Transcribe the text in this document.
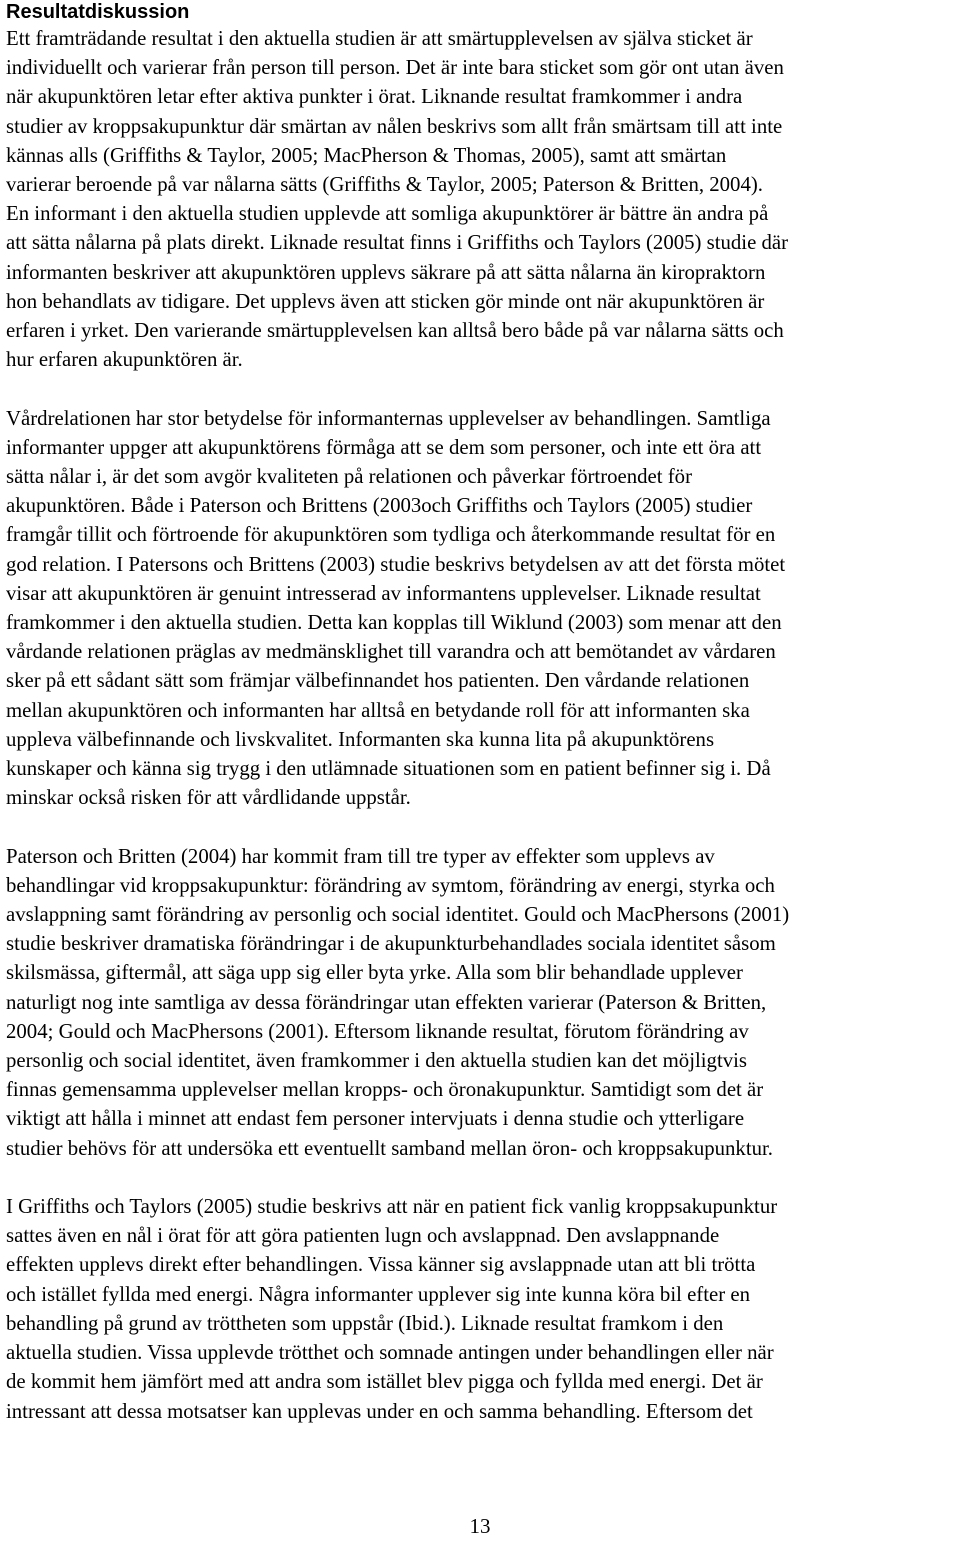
Resultatdiskussion
Ett framträdande resultat i den aktuella studien är att smärtupplevelsen av själva sticket är
individuellt och varierar från person till person. Det är inte bara sticket som gör ont utan även
när akupunktören letar efter aktiva punkter i örat. Liknande resultat framkommer i andra
studier av kroppsakupunktur där smärtan av nålen beskrivs som allt från smärtsam till att inte
kännas alls (Griffiths & Taylor, 2005; MacPherson & Thomas, 2005), samt att smärtan
varierar beroende på var nålarna sätts (Griffiths & Taylor, 2005; Paterson & Britten, 2004).
En informant i den aktuella studien upplevde att somliga akupunktörer är bättre än andra på
att sätta nålarna på plats direkt. Liknade resultat finns i Griffiths och Taylors (2005) studie där
informanten beskriver att akupunktören upplevs säkrare på att sätta nålarna än kiropraktorn
hon behandlats av tidigare. Det upplevs även att sticken gör minde ont när akupunktören är
erfaren i yrket. Den varierande smärtupplevelsen kan alltså bero både på var nålarna sätts och
hur erfaren akupunktören är.
Vårdrelationen har stor betydelse för informanternas upplevelser av behandlingen. Samtliga
informanter uppger att akupunktörens förmåga att se dem som personer, och inte ett öra att
sätta nålar i, är det som avgör kvaliteten på relationen och påverkar förtroendet för
akupunktören. Både i Paterson och Brittens (2003och Griffiths och Taylors (2005) studier
framgår tillit och förtroende för akupunktören som tydliga och återkommande resultat för en
god relation. I Patersons och Brittens (2003) studie beskrivs betydelsen av att det första mötet
visar att akupunktören är genuint intresserad av informantens upplevelser. Liknade resultat
framkommer i den aktuella studien. Detta kan kopplas till Wiklund (2003) som menar att den
vårdande relationen präglas av medmänsklighet till varandra och att bemötandet av vårdaren
sker på ett sådant sätt som främjar välbefinnandet hos patienten. Den vårdande relationen
mellan akupunktören och informanten har alltså en betydande roll för att informanten ska
uppleva välbefinnande och livskvalitet. Informanten ska kunna lita på akupunktörens
kunskaper och känna sig trygg i den utlämnade situationen som en patient befinner sig i. Då
minskar också risken för att vårdlidande uppstår.
Paterson och Britten (2004) har kommit fram till tre typer av effekter som upplevs av
behandlingar vid kroppsakupunktur: förändring av symtom, förändring av energi, styrka och
avslappning samt förändring av personlig och social identitet. Gould och MacPhersons (2001)
studie beskriver dramatiska förändringar i de akupunkturbehandlades sociala identitet såsom
skilsmässa, giftermål, att säga upp sig eller byta yrke. Alla som blir behandlade upplever
naturligt nog inte samtliga av dessa förändringar utan effekten varierar (Paterson & Britten,
2004; Gould och MacPhersons (2001). Eftersom liknande resultat, förutom förändring av
personlig och social identitet, även framkommer i den aktuella studien kan det möjligtvis
finnas gemensamma upplevelser mellan kropps- och öronakupunktur. Samtidigt som det är
viktigt att hålla i minnet att endast fem personer intervjuats i denna studie och ytterligare
studier behövs för att undersöka ett eventuellt samband mellan öron- och kroppsakupunktur.
I Griffiths och Taylors (2005) studie beskrivs att när en patient fick vanlig kroppsakupunktur
sattes även en nål i örat för att göra patienten lugn och avslappnad. Den avslappnande
effekten upplevs direkt efter behandlingen. Vissa känner sig avslappnade utan att bli trötta
och istället fyllda med energi. Några informanter upplever sig inte kunna köra bil efter en
behandling på grund av tröttheten som uppstår (Ibid.). Liknade resultat framkom i den
aktuella studien. Vissa upplevde trötthet och somnade antingen under behandlingen eller när
de kommit hem jämfört med att andra som istället blev pigga och fyllda med energi. Det är
intressant att dessa motsatser kan upplevas under en och samma behandling. Eftersom det
13
